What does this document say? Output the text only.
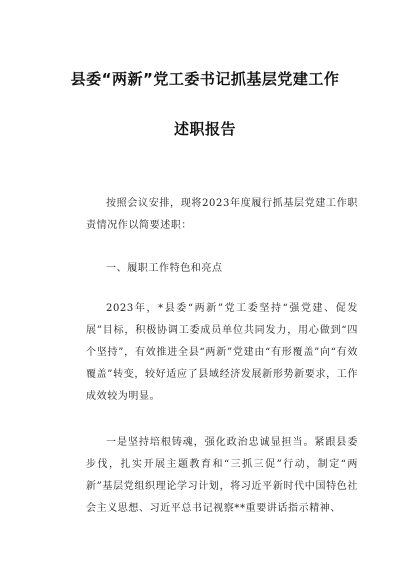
县委“两新”党工委书记抓基层党建工作
述职报告

按照会议安排，现将2023年度履行抓基层党建工作职责情况作以简要述职：

一、履职工作特色和亮点

2023年，*县委“两新”党工委坚持“强党建、促发展”目标，积极协调工委成员单位共同发力，用心做到“四个坚持”，有效推进全县“两新”党建由“有形覆盖”向“有效覆盖”转变，较好适应了县域经济发展新形势新要求，工作成效较为明显。

一是坚持培根铸魂，强化政治忠诚显担当。紧跟县委步伐，扎实开展主题教育和“三抓三促”行动，制定“两新”基层党组织理论学习计划，将习近平新时代中国特色社会主义思想、习近平总书记视察**重要讲话指示精神、
